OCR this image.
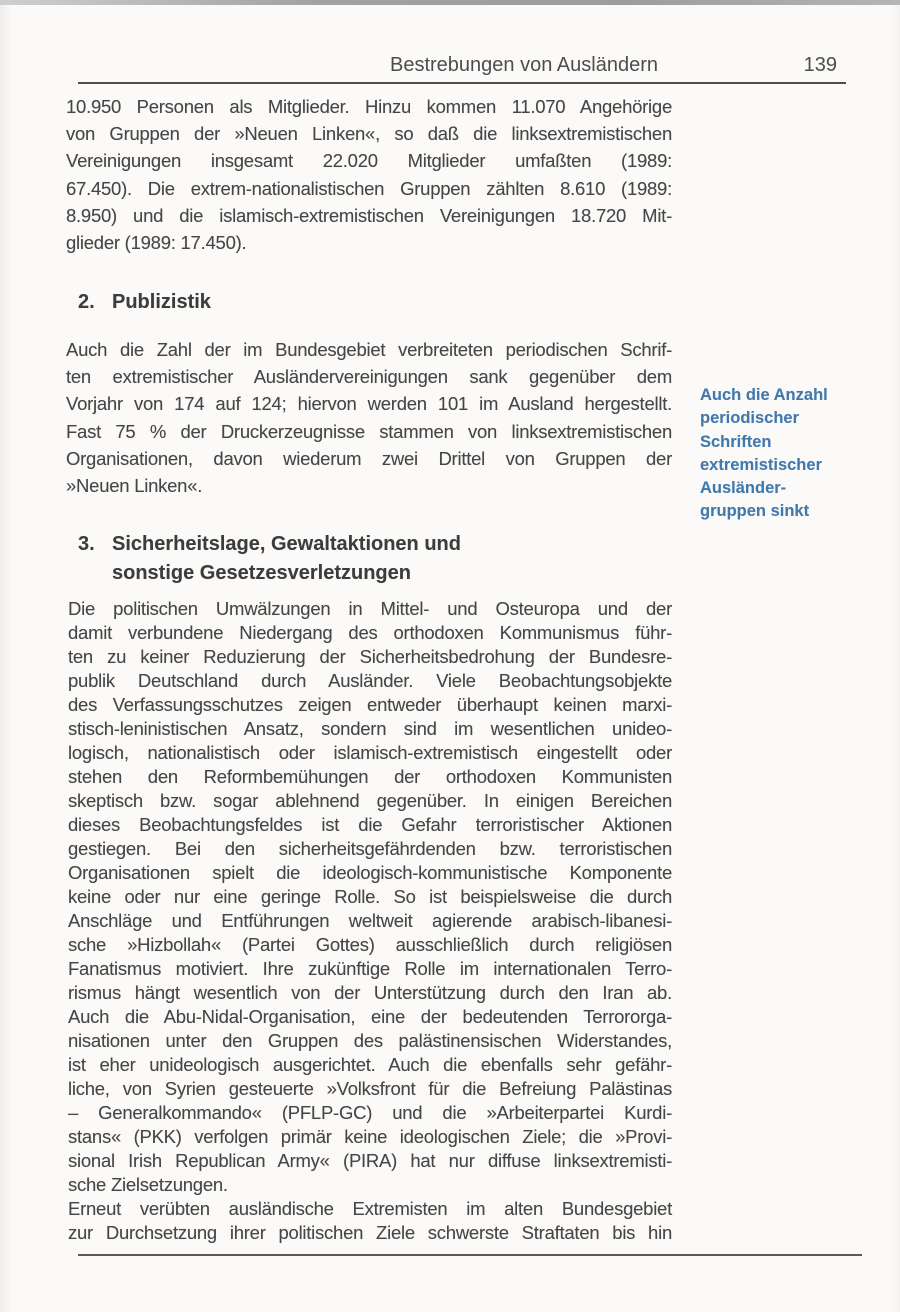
Bestrebungen von Ausländern	139
10.950 Personen als Mitglieder. Hinzu kommen 11.070 Angehörige
von Gruppen der »Neuen Linken«, so daß die linksextremistischen
Vereinigungen insgesamt 22.020 Mitglieder umfaßten (1989:
67.450). Die extrem-nationalistischen Gruppen zählten 8.610 (1989:
8.950) und die islamisch-extremistischen Vereinigungen 18.720 Mit-
glieder (1989: 17.450).
2. Publizistik
Auch die Zahl der im Bundesgebiet verbreiteten periodischen Schrif-
ten extremistischer Ausländervereinigungen sank gegenüber dem
Vorjahr von 174 auf 124; hiervon werden 101 im Ausland hergestellt.
Fast 75 % der Druckerzeugnisse stammen von linksextremistischen
Organisationen, davon wiederum zwei Drittel von Gruppen der
»Neuen Linken«.
Auch die Anzahl
periodischer
Schriften
extremistischer
Ausländer-
gruppen sinkt
3. Sicherheitslage, Gewaltaktionen und
sonstige Gesetzesverletzungen
Die politischen Umwälzungen in Mittel- und Osteuropa und der
damit verbundene Niedergang des orthodoxen Kommunismus führ-
ten zu keiner Reduzierung der Sicherheitsbedrohung der Bundesre-
publik Deutschland durch Ausländer. Viele Beobachtungsobjekte
des Verfassungsschutzes zeigen entweder überhaupt keinen marxi-
stisch-leninistischen Ansatz, sondern sind im wesentlichen unideo-
logisch, nationalistisch oder islamisch-extremistisch eingestellt oder
stehen den Reformbemühungen der orthodoxen Kommunisten
skeptisch bzw. sogar ablehnend gegenüber. In einigen Bereichen
dieses Beobachtungsfeldes ist die Gefahr terroristischer Aktionen
gestiegen. Bei den sicherheitsgefährdenden bzw. terroristischen
Organisationen spielt die ideologisch-kommunistische Komponente
keine oder nur eine geringe Rolle. So ist beispielsweise die durch
Anschläge und Entführungen weltweit agierende arabisch-libanesi-
sche »Hizbollah« (Partei Gottes) ausschließlich durch religiösen
Fanatismus motiviert. Ihre zukünftige Rolle im internationalen Terro-
rismus hängt wesentlich von der Unterstützung durch den Iran ab.
Auch die Abu-Nidal-Organisation, eine der bedeutenden Terrororga-
nisationen unter den Gruppen des palästinensischen Widerstandes,
ist eher unideologisch ausgerichtet. Auch die ebenfalls sehr gefähr-
liche, von Syrien gesteuerte »Volksfront für die Befreiung Palästinas
– Generalkommando« (PFLP-GC) und die »Arbeiterpartei Kurdi-
stans« (PKK) verfolgen primär keine ideologischen Ziele; die »Provi-
sional Irish Republican Army« (PIRA) hat nur diffuse linksextremisti-
sche Zielsetzungen.
Erneut verübten ausländische Extremisten im alten Bundesgebiet
zur Durchsetzung ihrer politischen Ziele schwerste Straftaten bis hin
